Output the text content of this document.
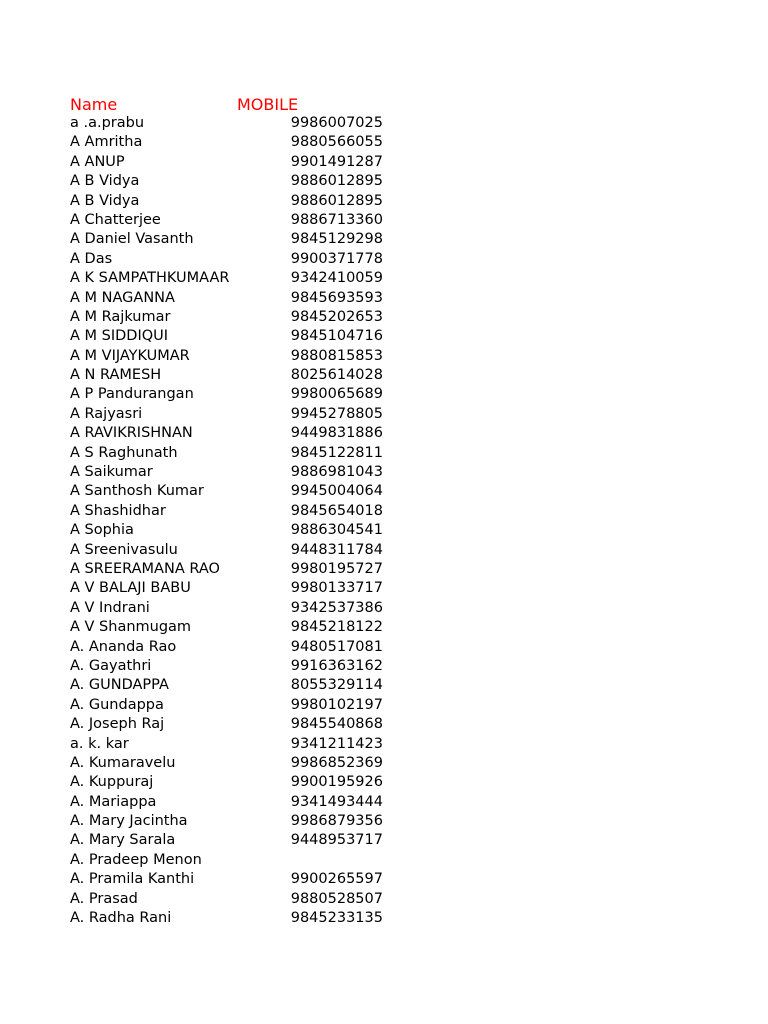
Name	MOBILE
a .a.prabu	9986007025
A Amritha	9880566055
A ANUP	9901491287
A B Vidya	9886012895
A B Vidya	9886012895
A Chatterjee	9886713360
A Daniel Vasanth	9845129298
A Das	9900371778
A K SAMPATHKUMAAR	9342410059
A M NAGANNA	9845693593
A M Rajkumar	9845202653
A M SIDDIQUI	9845104716
A M VIJAYKUMAR	9880815853
A N RAMESH	8025614028
A P Pandurangan	9980065689
A Rajyasri	9945278805
A RAVIKRISHNAN	9449831886
A S Raghunath	9845122811
A Saikumar	9886981043
A Santhosh Kumar	9945004064
A Shashidhar	9845654018
A Sophia	9886304541
A Sreenivasulu	9448311784
A SREERAMANA RAO	9980195727
A V BALAJI BABU	9980133717
A V Indrani	9342537386
A V Shanmugam	9845218122
A. Ananda Rao	9480517081
A. Gayathri	9916363162
A. GUNDAPPA	8055329114
A. Gundappa	9980102197
A. Joseph Raj	9845540868
a. k. kar	9341211423
A. Kumaravelu	9986852369
A. Kuppuraj	9900195926
A. Mariappa	9341493444
A. Mary Jacintha	9986879356
A. Mary Sarala	9448953717
A. Pradeep Menon
A. Pramila Kanthi	9900265597
A. Prasad	9880528507
A. Radha Rani	9845233135
